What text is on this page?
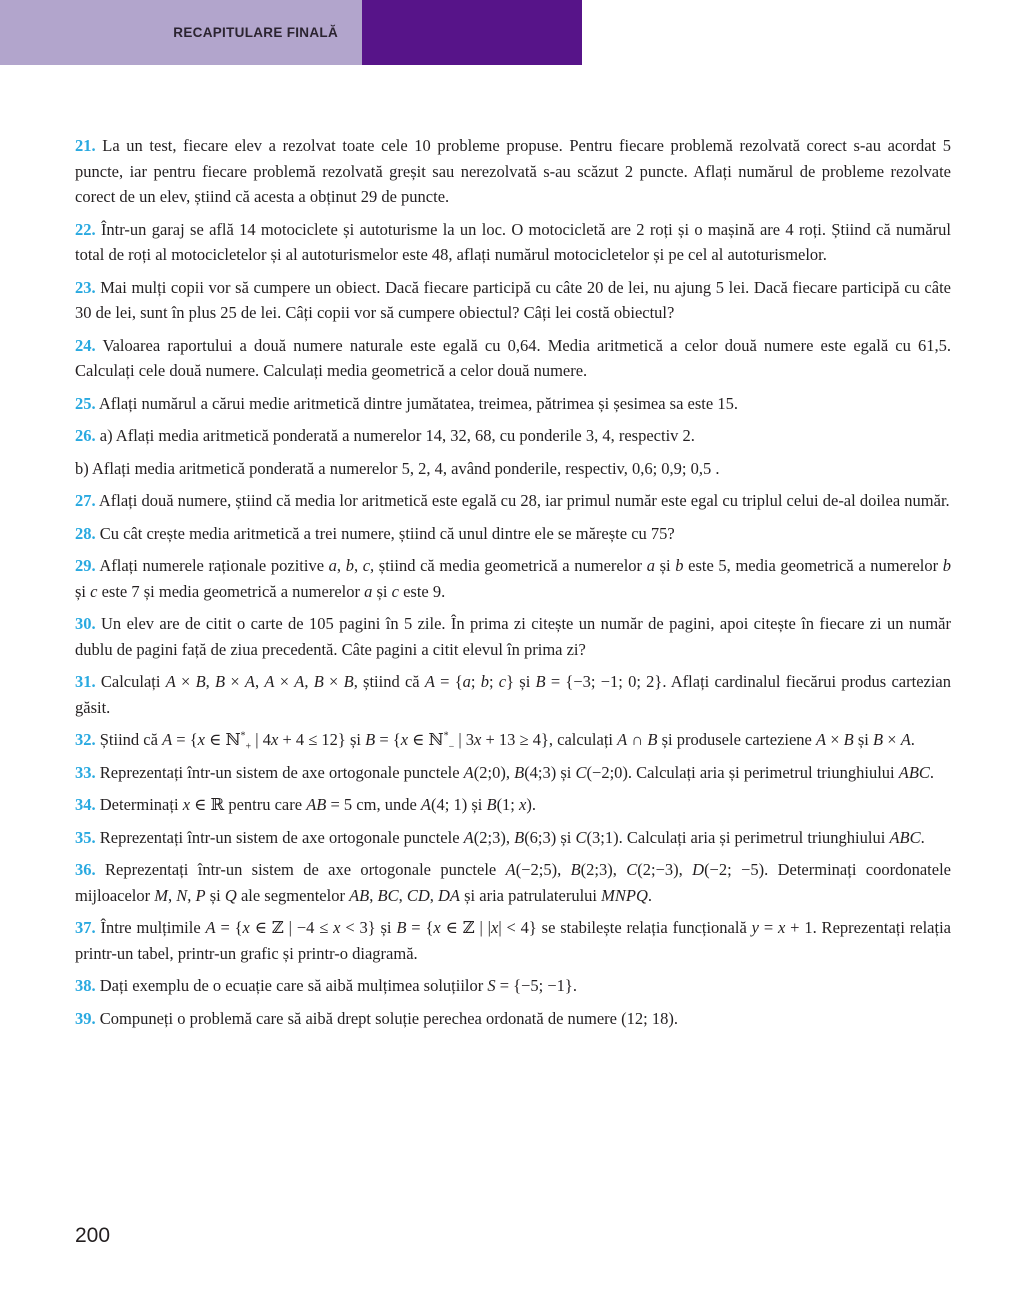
RECAPITULARE FINALĂ

21. La un test, fiecare elev a rezolvat toate cele 10 probleme propuse. Pentru fiecare problemă rezolvată corect s-au acordat 5 puncte, iar pentru fiecare problemă rezolvată greșit sau nerezolvată s-au scăzut 2 puncte. Aflați numărul de probleme rezolvate corect de un elev, știind că acesta a obținut 29 de puncte.

22. Într-un garaj se află 14 motociclete și autoturisme la un loc. O motocicletă are 2 roți și o mașină are 4 roți. Știind că numărul total de roți al motocicletelor și al autoturismelor este 48, aflați numărul motocicletelor și pe cel al autoturismelor.

23. Mai mulți copii vor să cumpere un obiect. Dacă fiecare participă cu câte 20 de lei, nu ajung 5 lei. Dacă fiecare participă cu câte 30 de lei, sunt în plus 25 de lei. Câți copii vor să cumpere obiectul? Câți lei costă obiectul?

24. Valoarea raportului a două numere naturale este egală cu 0,64. Media aritmetică a celor două numere este egală cu 61,5. Calculați cele două numere. Calculați media geometrică a celor două numere.

25. Aflați numărul a cărui medie aritmetică dintre jumătatea, treimea, pătrimea și șesimea sa este 15.

26. a) Aflați media aritmetică ponderată a numerelor 14, 32, 68, cu ponderile 3, 4, respectiv 2.

b) Aflați media aritmetică ponderată a numerelor 5, 2, 4, având ponderile, respectiv, 0,6; 0,9; 0,5 .

27. Aflați două numere, știind că media lor aritmetică este egală cu 28, iar primul număr este egal cu triplul celui de-al doilea număr.

28. Cu cât crește media aritmetică a trei numere, știind că unul dintre ele se mărește cu 75?

29. Aflați numerele raționale pozitive a, b, c, știind că media geometrică a numerelor a și b este 5, media geometrică a numerelor b și c este 7 și media geometrică a numerelor a și c este 9.

30. Un elev are de citit o carte de 105 pagini în 5 zile. În prima zi citește un număr de pagini, apoi citește în fiecare zi un număr dublu de pagini față de ziua precedentă. Câte pagini a citit elevul în prima zi?

31. Calculați A × B, B × A, A × A, B × B, știind că A = {a; b; c} și B = {−3; −1; 0; 2}. Aflați cardinalul fiecărui produs cartezian găsit.

32. Știind că A = {x ∈ ℕ*$_+$ | 4x + 4 ≤ 12} și B = {x ∈ ℕ*$_-$ | 3x + 13 ≥ 4}, calculați A ∩ B și produsele carteziene A × B și B × A.

33. Reprezentați într-un sistem de axe ortogonale punctele A(2;0), B(4;3) și C(−2;0). Calculați aria și perimetrul triunghiului ABC.

34. Determinați x ∈ ℝ pentru care AB = 5 cm, unde A(4; 1) și B(1; x).

35. Reprezentați într-un sistem de axe ortogonale punctele A(2;3), B(6;3) și C(3;1). Calculați aria și perimetrul triunghiului ABC.

36. Reprezentați într-un sistem de axe ortogonale punctele A(−2;5), B(2;3), C(2;−3), D(−2; −5). Determinați coordonatele mijloacelor M, N, P și Q ale segmentelor AB, BC, CD, DA și aria patrulaterului MNPQ.

37. Între mulțimile A = {x ∈ ℤ | −4 ≤ x < 3} și B = {x ∈ ℤ | |x| < 4} se stabilește relația funcțională y = x + 1. Reprezentați relația printr-un tabel, printr-un grafic și printr-o diagramă.

38. Dați exemplu de o ecuație care să aibă mulțimea soluțiilor S = {−5; −1}.

39. Compuneți o problemă care să aibă drept soluție perechea ordonată de numere (12; 18).

200
